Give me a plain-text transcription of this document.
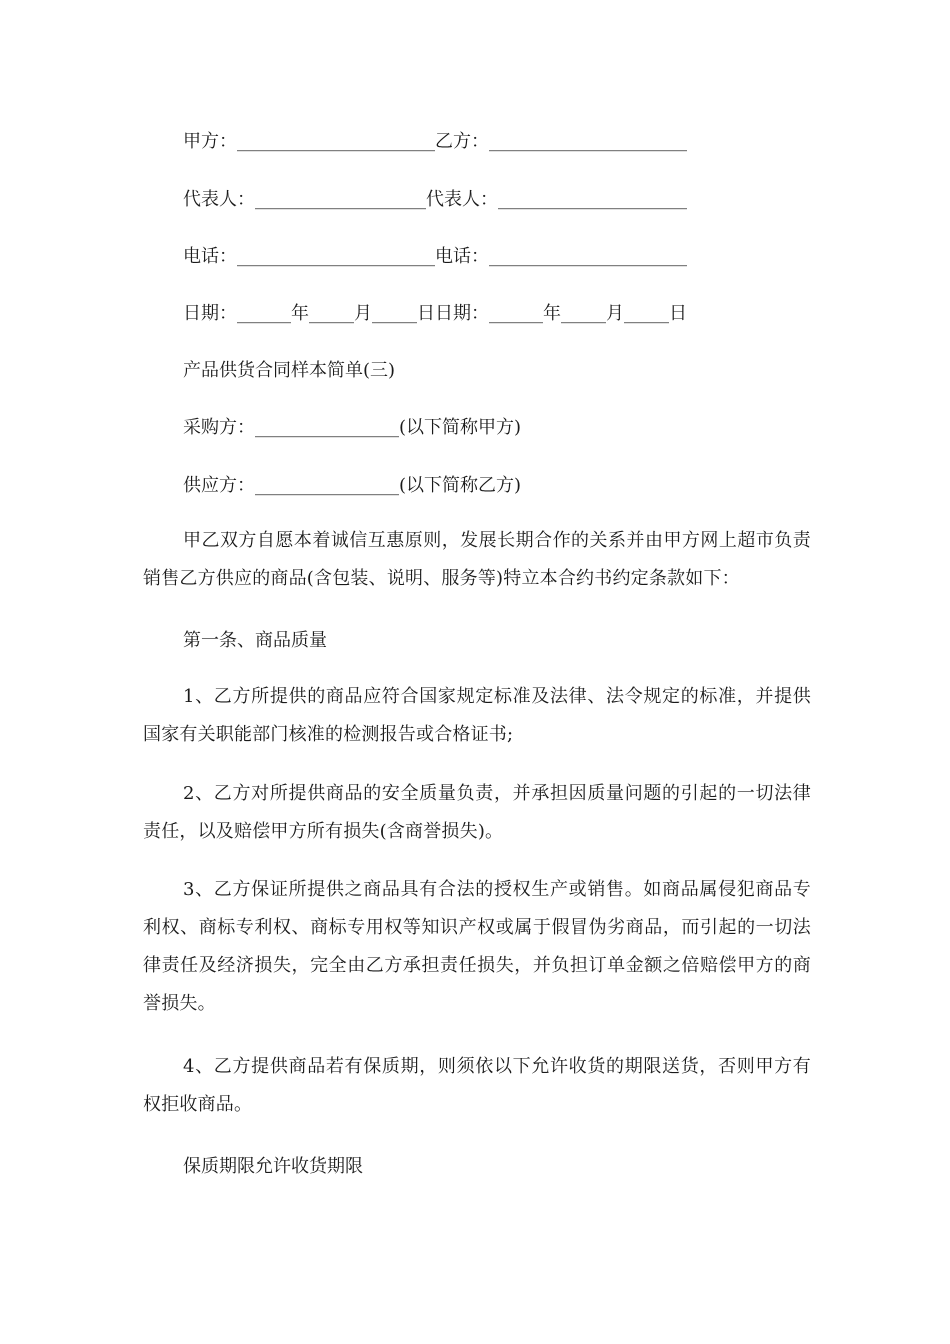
甲方：______________________乙方：______________________
代表人：___________________代表人：_____________________
电话：______________________电话：______________________
日期：______年_____月_____日日期：______年_____月_____日
产品供货合同样本简单(三)
采购方：________________(以下简称甲方)
供应方：________________(以下简称乙方)
甲乙双方自愿本着诚信互惠原则，发展长期合作的关系并由甲方网上超市负责销售乙方供应的商品(含包装、说明、服务等)特立本合约书约定条款如下：
第一条、商品质量
1、乙方所提供的商品应符合国家规定标准及法律、法令规定的标准，并提供国家有关职能部门核准的检测报告或合格证书;
2、乙方对所提供商品的安全质量负责，并承担因质量问题的引起的一切法律责任，以及赔偿甲方所有损失(含商誉损失)。
3、乙方保证所提供之商品具有合法的授权生产或销售。如商品属侵犯商品专利权、商标专利权、商标专用权等知识产权或属于假冒伪劣商品，而引起的一切法律责任及经济损失，完全由乙方承担责任损失，并负担订单金额之倍赔偿甲方的商誉损失。
4、乙方提供商品若有保质期，则须依以下允许收货的期限送货，否则甲方有权拒收商品。
保质期限允许收货期限
